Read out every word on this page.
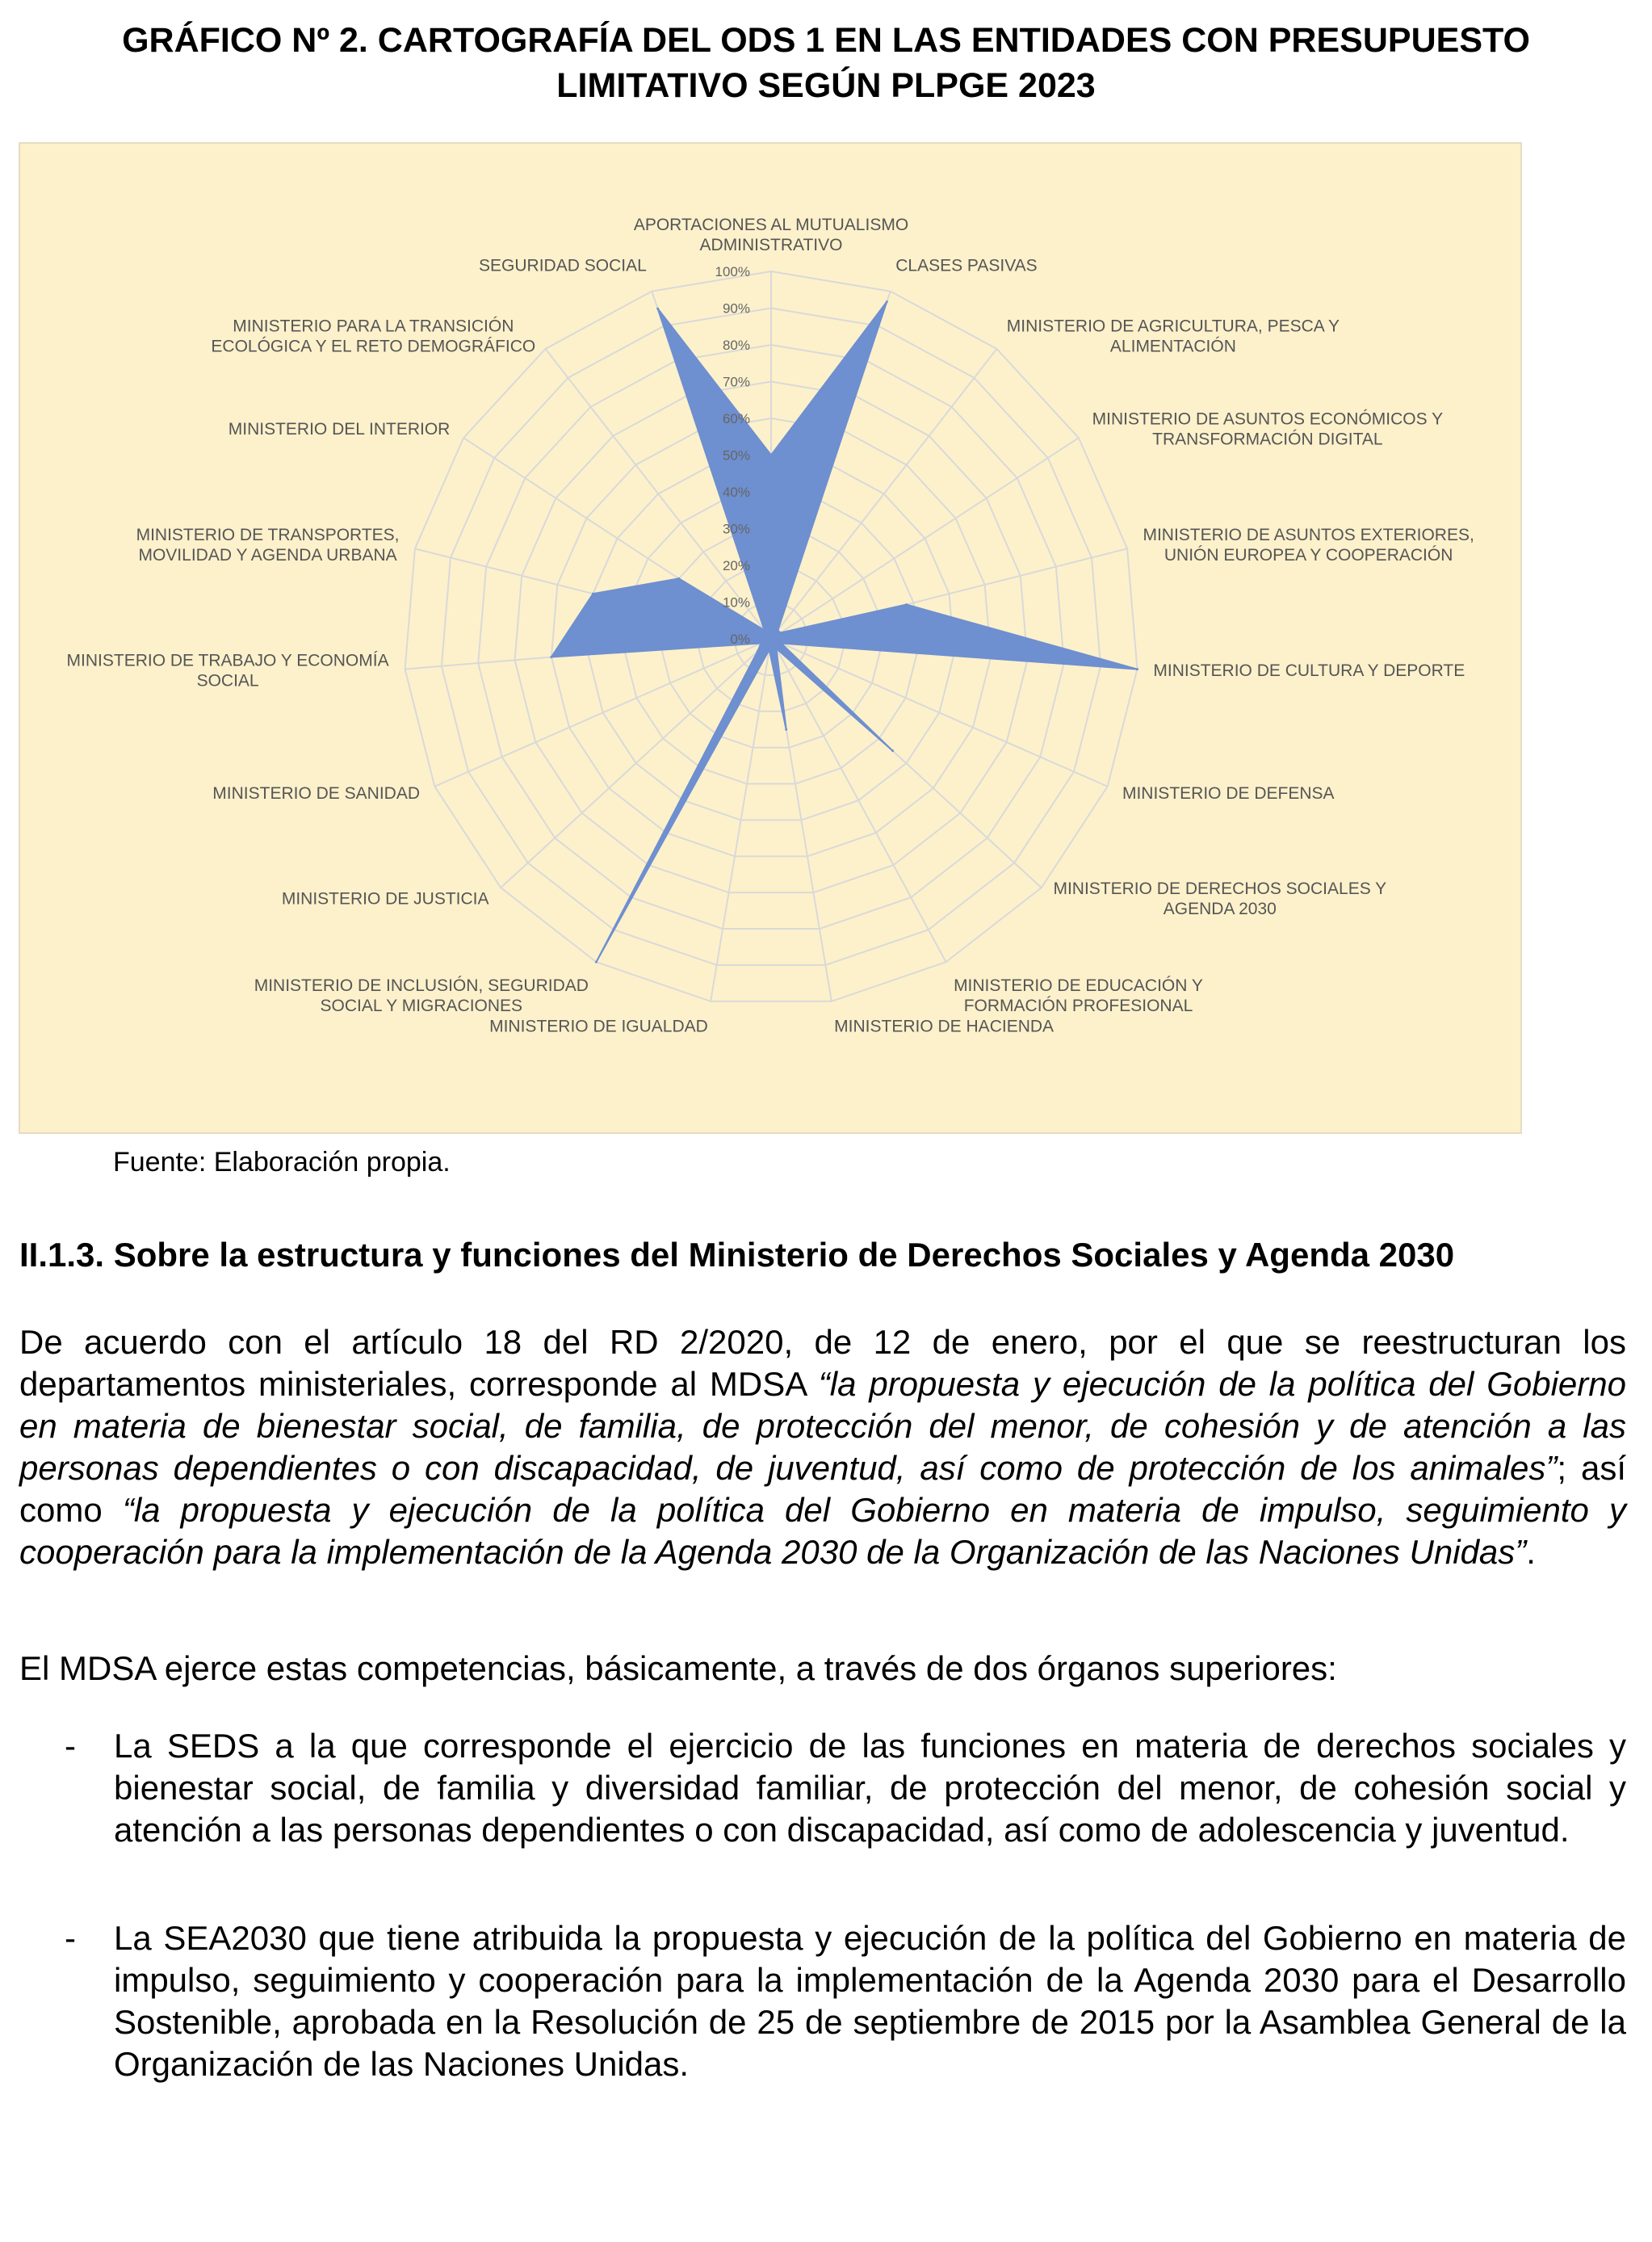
GRÁFICO Nº 2. CARTOGRAFÍA DEL ODS 1 EN LAS ENTIDADES CON PRESUPUESTO
LIMITATIVO SEGÚN PLPGE 2023
0%
10%
20%
30%
40%
50%
60%
70%
80%
90%
100%
APORTACIONES AL MUTUALISMO ADMINISTRATIVO
CLASES PASIVAS
MINISTERIO DE AGRICULTURA, PESCA Y ALIMENTACIÓN
MINISTERIO DE ASUNTOS ECONÓMICOS Y TRANSFORMACIÓN DIGITAL
MINISTERIO DE ASUNTOS EXTERIORES, UNIÓN EUROPEA Y COOPERACIÓN
MINISTERIO DE CULTURA Y DEPORTE
MINISTERIO DE DEFENSA
MINISTERIO DE DERECHOS SOCIALES Y AGENDA 2030
MINISTERIO DE EDUCACIÓN Y FORMACIÓN PROFESIONAL
MINISTERIO DE HACIENDA
MINISTERIO DE IGUALDAD
MINISTERIO DE INCLUSIÓN, SEGURIDAD SOCIAL Y MIGRACIONES
MINISTERIO DE JUSTICIA
MINISTERIO DE SANIDAD
MINISTERIO DE TRABAJO Y ECONOMÍA SOCIAL
MINISTERIO DE TRANSPORTES, MOVILIDAD Y AGENDA URBANA
MINISTERIO DEL INTERIOR
MINISTERIO PARA LA TRANSICIÓN ECOLÓGICA Y EL RETO DEMOGRÁFICO
SEGURIDAD SOCIAL
Fuente: Elaboración propia.
II.1.3. Sobre la estructura y funciones del Ministerio de Derechos Sociales y Agenda 2030
De acuerdo con el artículo 18 del RD 2/2020, de 12 de enero, por el que se reestructuran los departamentos ministeriales, corresponde al MDSA “la propuesta y ejecución de la política del Gobierno en materia de bienestar social, de familia, de protección del menor, de cohesión y de atención a las personas dependientes o con discapacidad, de juventud, así como de protección de los animales”; así como “la propuesta y ejecución de la política del Gobierno en materia de impulso, seguimiento y cooperación para la implementación de la Agenda 2030 de la Organización de las Naciones Unidas”.
El MDSA ejerce estas competencias, básicamente, a través de dos órganos superiores:
- La SEDS a la que corresponde el ejercicio de las funciones en materia de derechos sociales y bienestar social, de familia y diversidad familiar, de protección del menor, de cohesión social y atención a las personas dependientes o con discapacidad, así como de adolescencia y juventud.
- La SEA2030 que tiene atribuida la propuesta y ejecución de la política del Gobierno en materia de impulso, seguimiento y cooperación para la implementación de la Agenda 2030 para el Desarrollo Sostenible, aprobada en la Resolución de 25 de septiembre de 2015 por la Asamblea General de la Organización de las Naciones Unidas.
